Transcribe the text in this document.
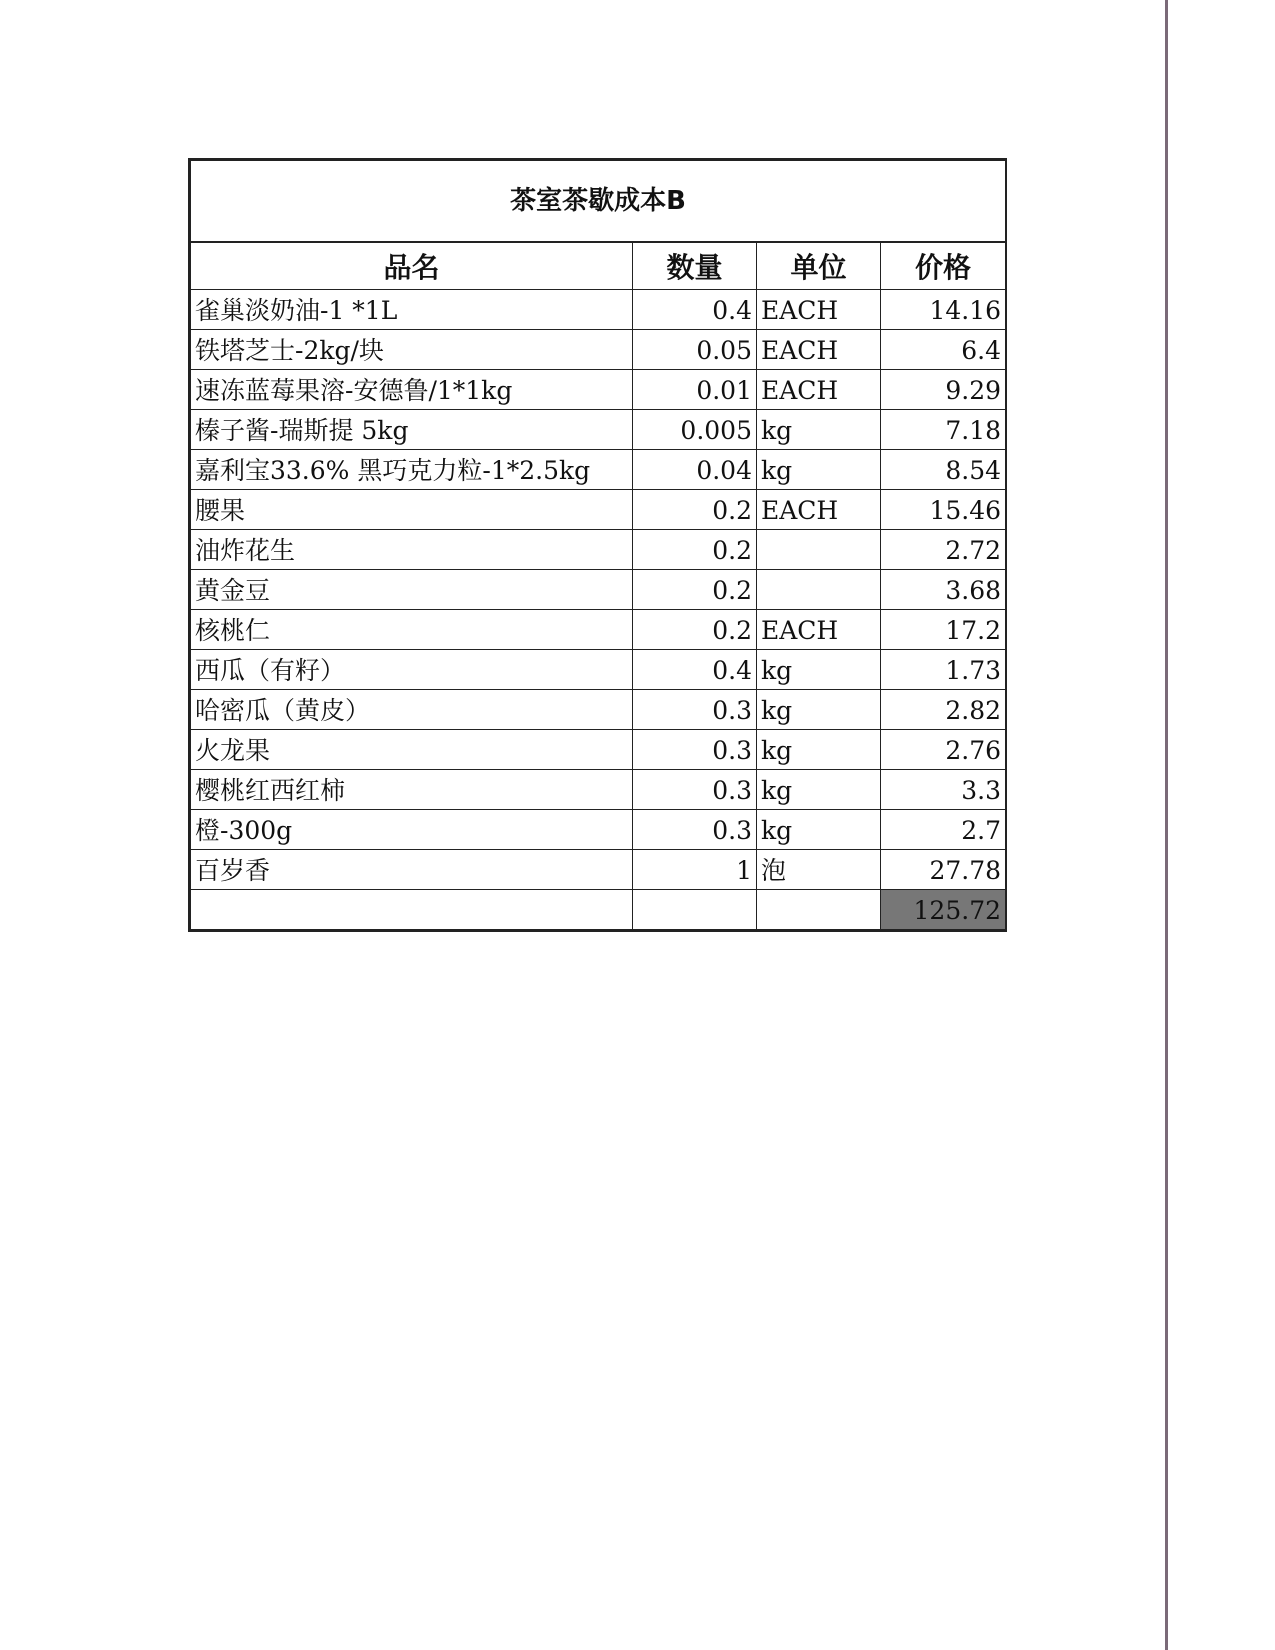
茶室茶歇成本B			
品名	数量	单位	价格
雀巢淡奶油-1 *1L	0.4	EACH	14.16
铁塔芝士-2kg/块	0.05	EACH	6.4
速冻蓝莓果溶-安德鲁/1*1kg	0.01	EACH	9.29
榛子酱-瑞斯提 5kg	0.005	kg	7.18
嘉利宝33.6% 黑巧克力粒-1*2.5kg	0.04	kg	8.54
腰果	0.2	EACH	15.46
油炸花生	0.2		2.72
黄金豆	0.2		3.68
核桃仁	0.2	EACH	17.2
西瓜（有籽）	0.4	kg	1.73
哈密瓜（黄皮）	0.3	kg	2.82
火龙果	0.3	kg	2.76
樱桃红西红柿	0.3	kg	3.3
橙-300g	0.3	kg	2.7
百岁香	1	泡	27.78
			125.72
